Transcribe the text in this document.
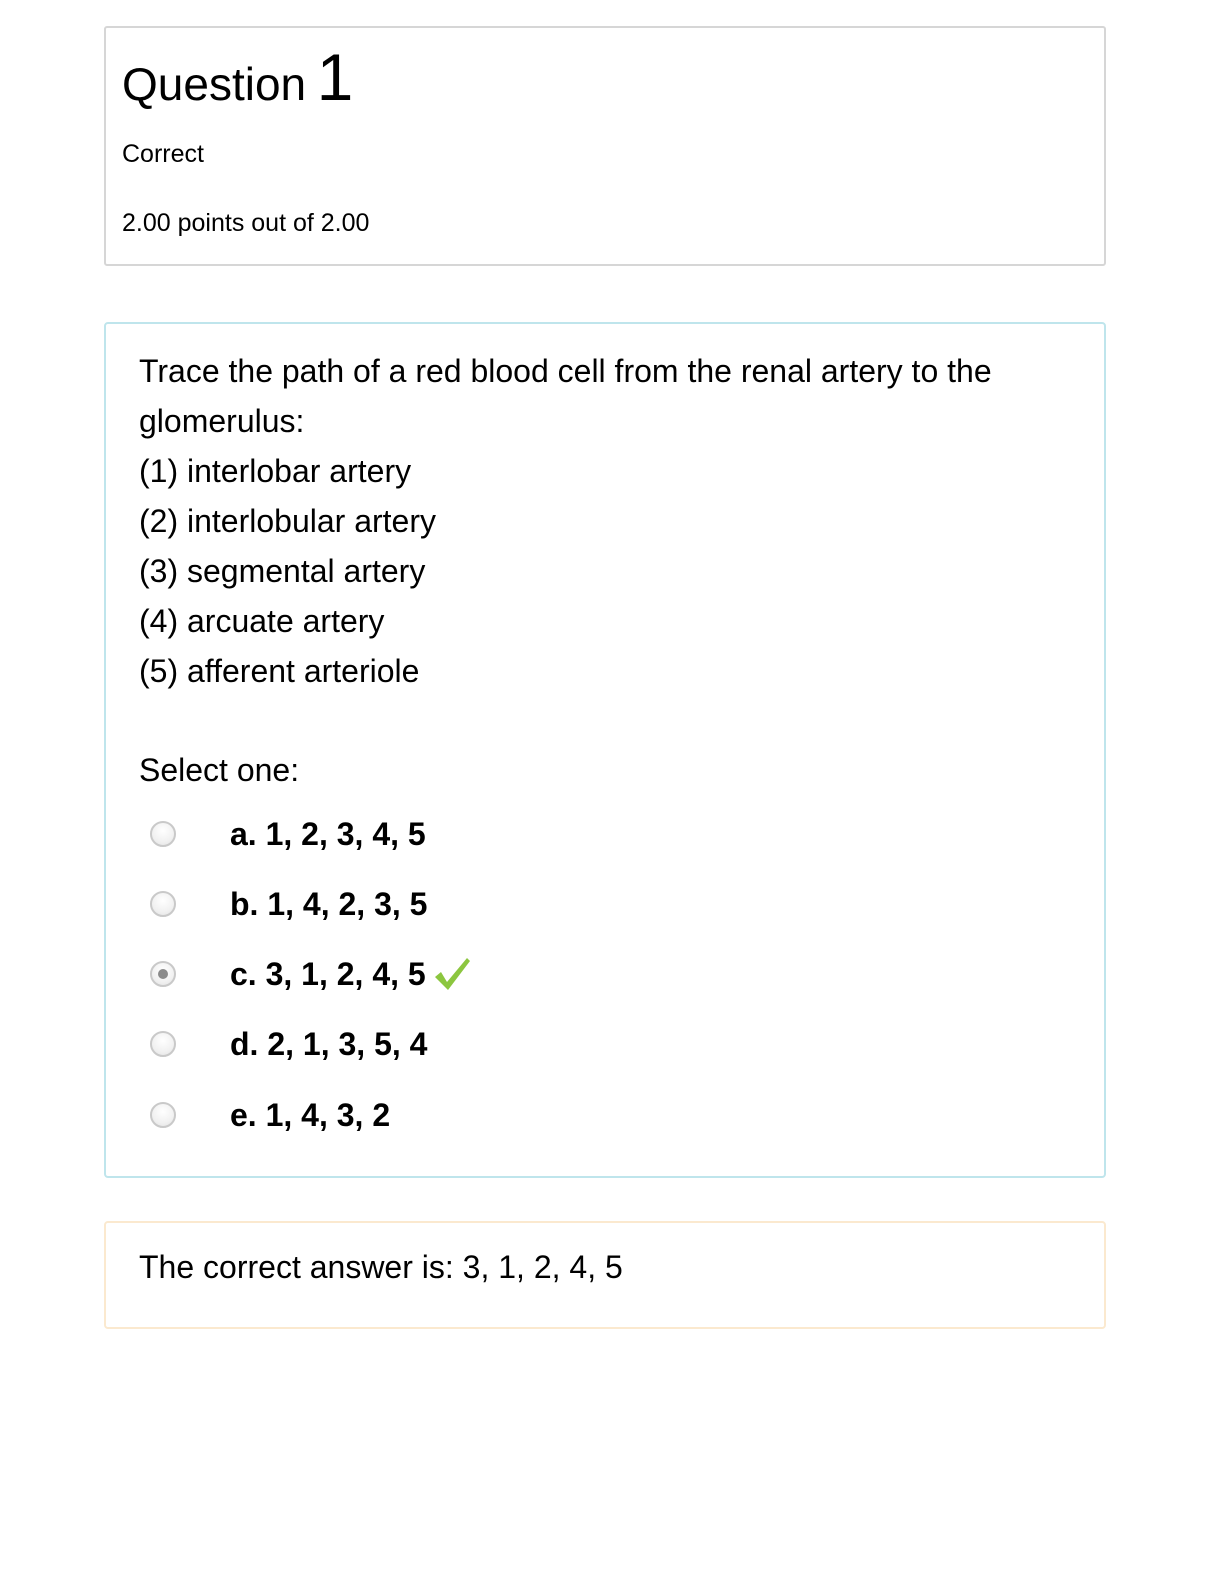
Question 1
Correct
2.00 points out of 2.00
Trace the path of a red blood cell from the renal artery to the
glomerulus:
(1) interlobar artery
(2) interlobular artery
(3) segmental artery
(4) arcuate artery
(5) afferent arteriole
Select one:
a. 1, 2, 3, 4, 5
b. 1, 4, 2, 3, 5
c. 3, 1, 2, 4, 5
d. 2, 1, 3, 5, 4
e. 1, 4, 3, 2
The correct answer is: 3, 1, 2, 4, 5
